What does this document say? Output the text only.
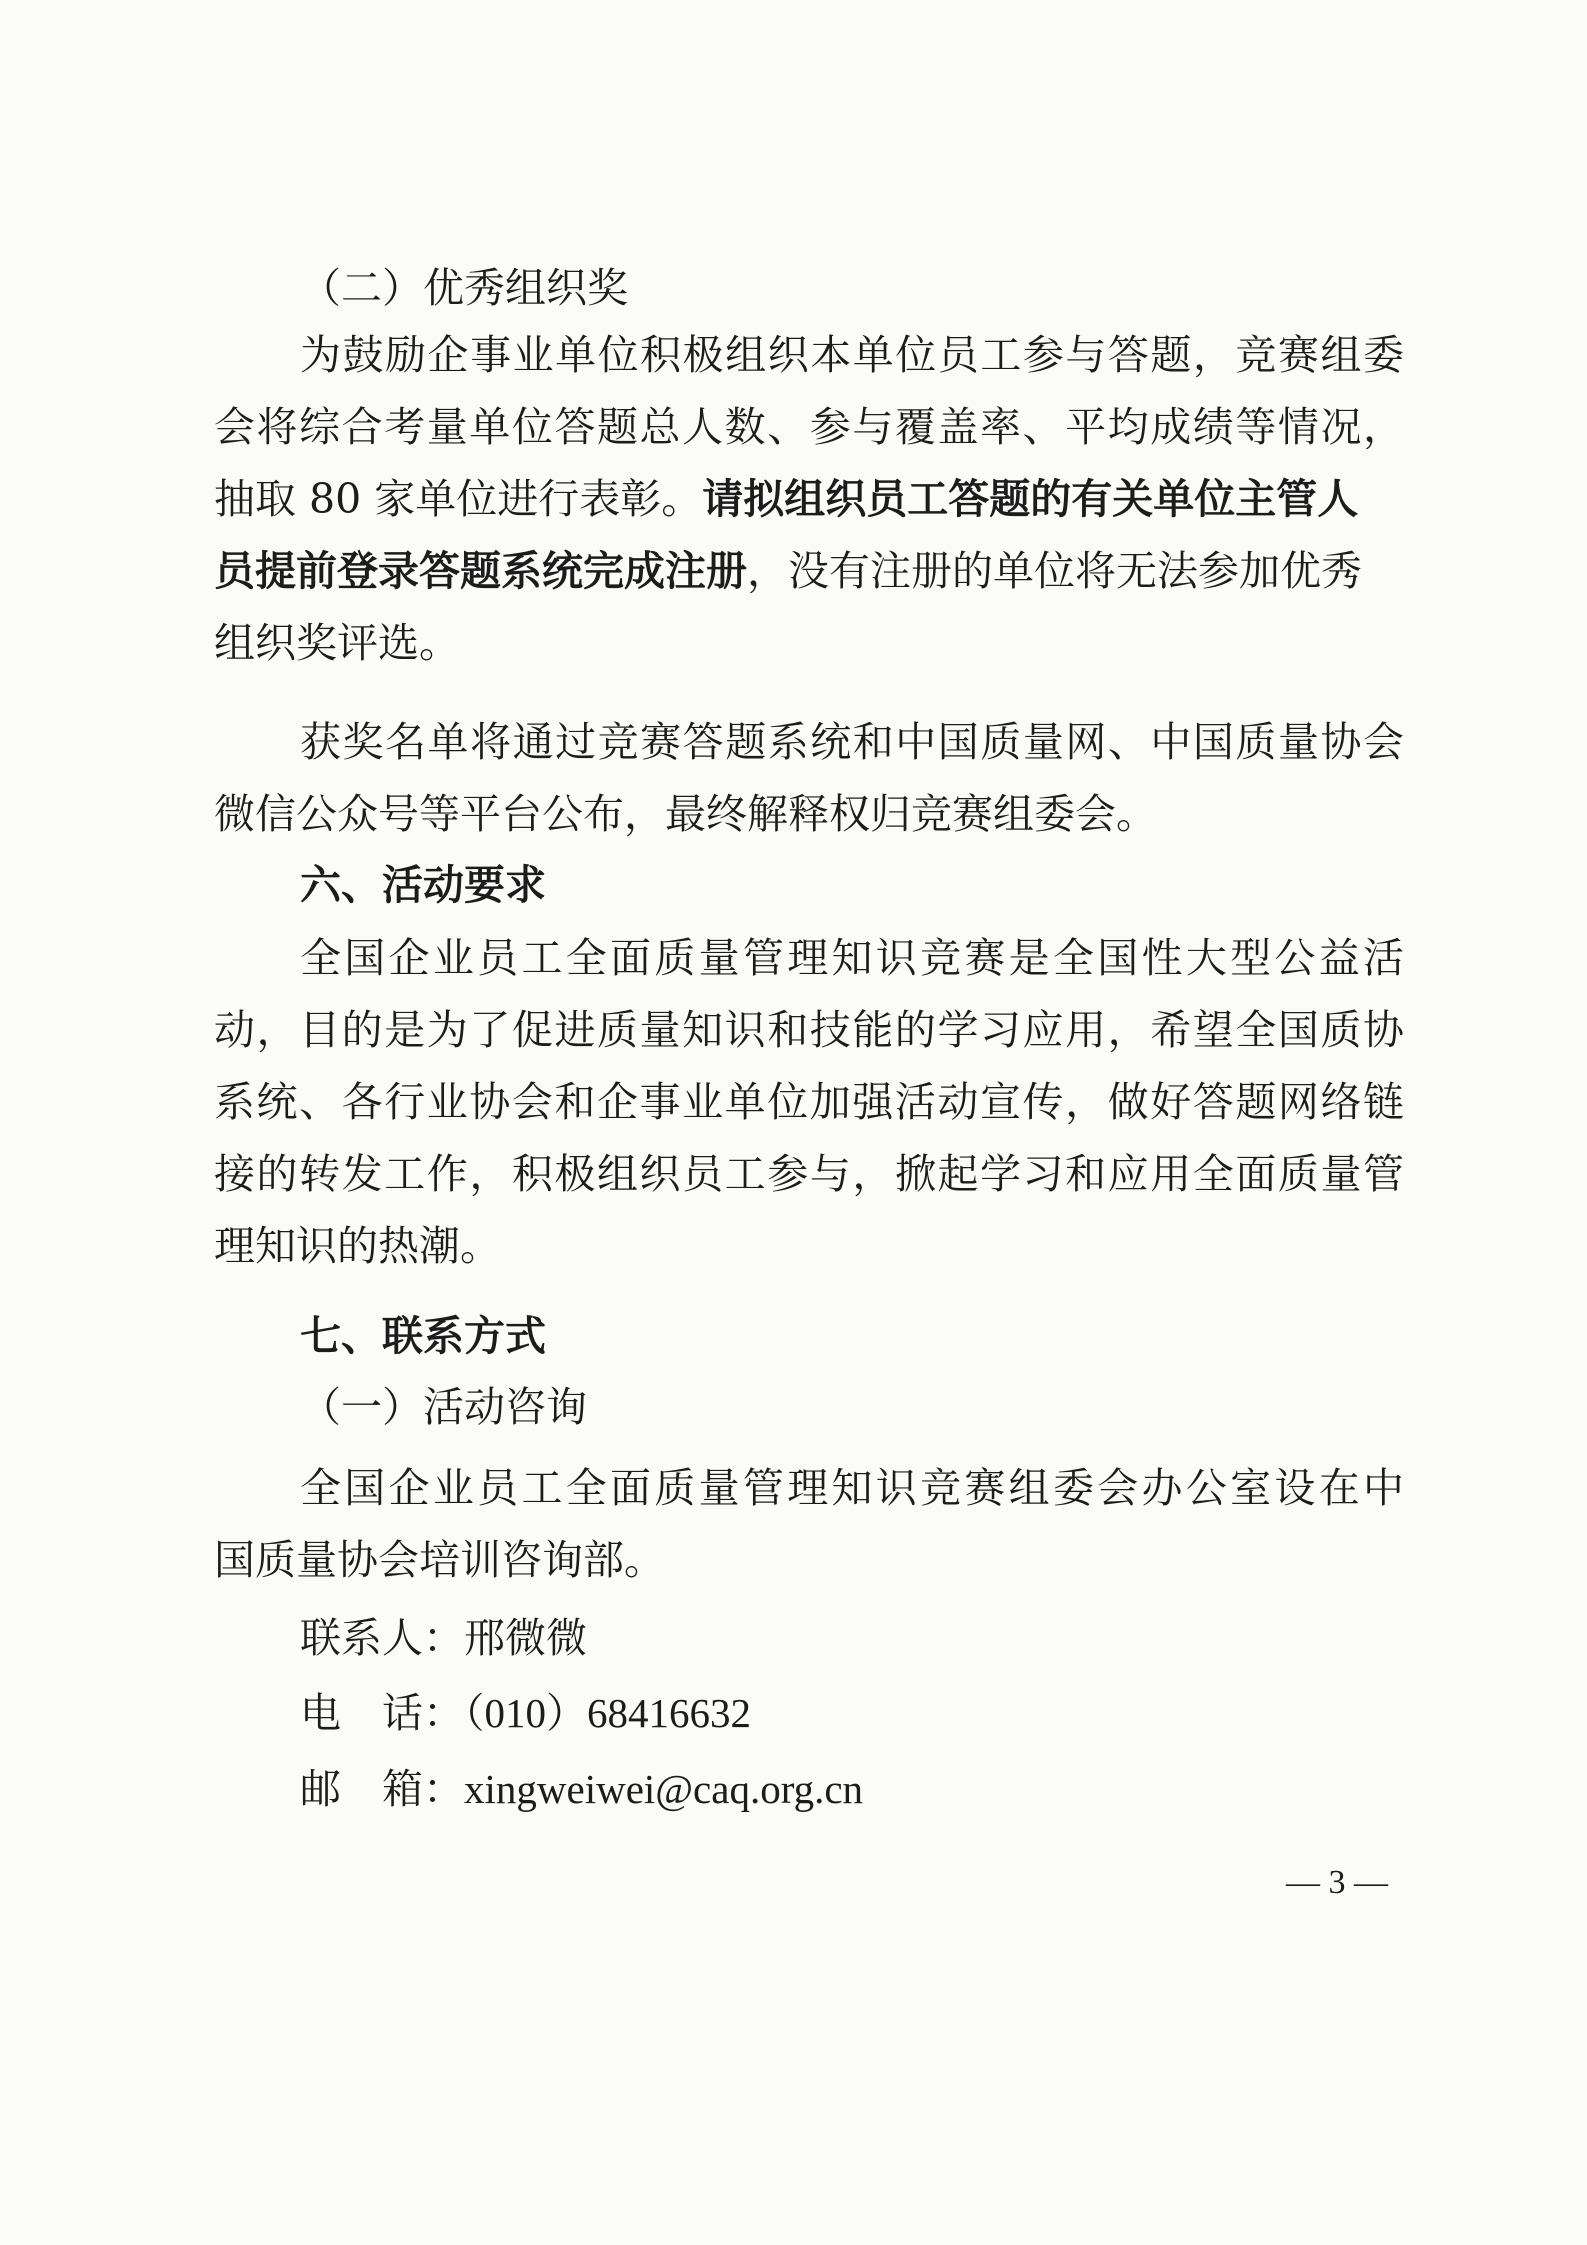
（二）优秀组织奖
为鼓励企事业单位积极组织本单位员工参与答题，竞赛组委
会将综合考量单位答题总人数、参与覆盖率、平均成绩等情况，
抽取 80 家单位进行表彰。请拟组织员工答题的有关单位主管人
员提前登录答题系统完成注册，没有注册的单位将无法参加优秀
组织奖评选。
获奖名单将通过竞赛答题系统和中国质量网、中国质量协会
微信公众号等平台公布，最终解释权归竞赛组委会。
六、活动要求
全国企业员工全面质量管理知识竞赛是全国性大型公益活
动，目的是为了促进质量知识和技能的学习应用，希望全国质协
系统、各行业协会和企事业单位加强活动宣传，做好答题网络链
接的转发工作，积极组织员工参与，掀起学习和应用全面质量管
理知识的热潮。
七、联系方式
（一）活动咨询
全国企业员工全面质量管理知识竞赛组委会办公室设在中
国质量协会培训咨询部。
联系人：邢微微
电　话：（010）68416632
邮　箱：xingweiwei@caq.org.cn
— 3 —
